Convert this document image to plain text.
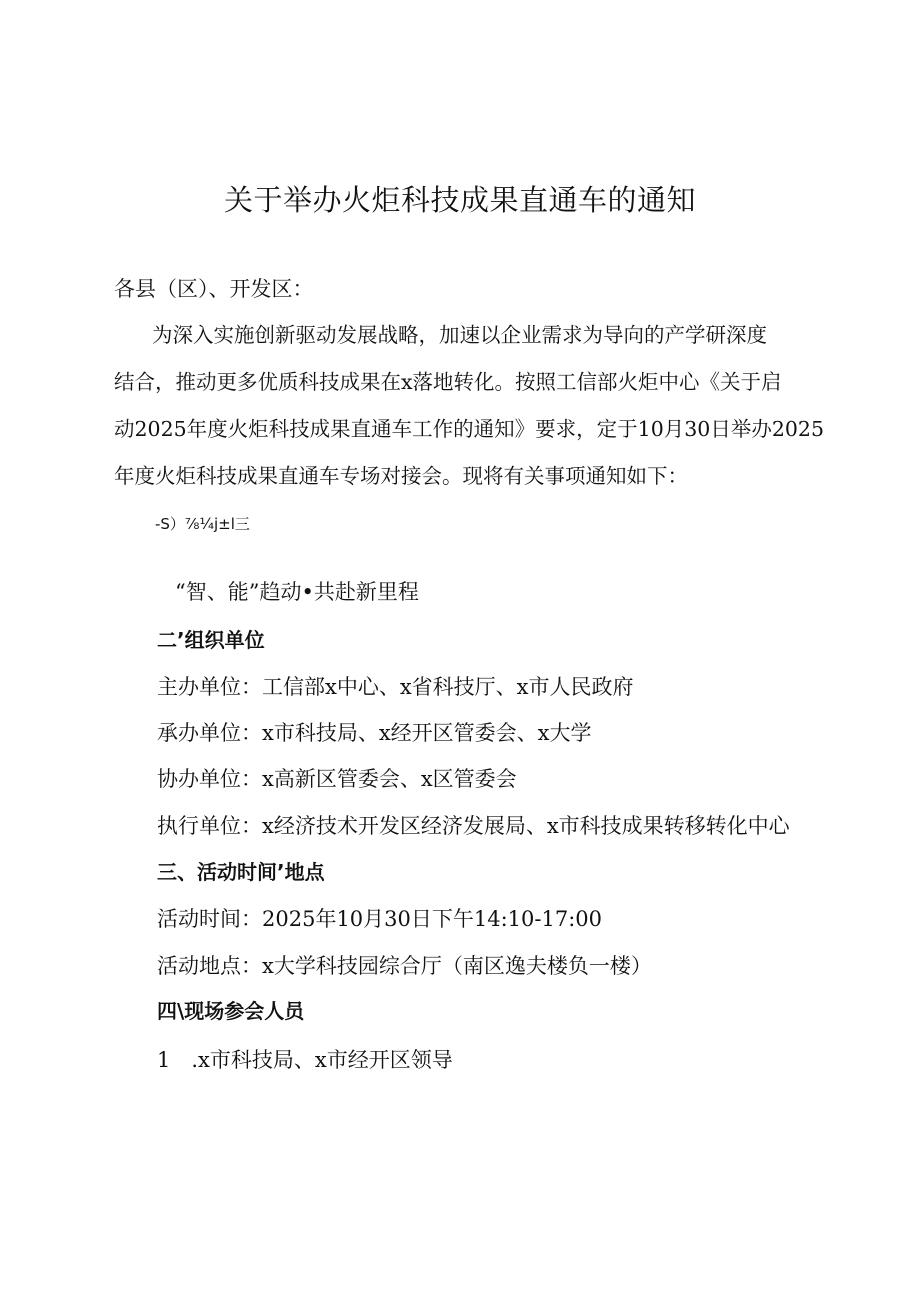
关于举办火炬科技成果直通车的通知
各县（区）、开发区：
为深入实施创新驱动发展战略，加速以企业需求为导向的产学研深度
结合，推动更多优质科技成果在x落地转化。按照工信部火炬中心《关于启
动2025年度火炬科技成果直通车工作的通知》要求，定于10月30日举办2025
年度火炬科技成果直通车专场对接会。现将有关事项通知如下：
-S）⅞¼j±l三
“智、能”趋动•共赴新里程
二’组织单位
主办单位：工信部x中心、x省科技厅、x市人民政府
承办单位：x市科技局、x经开区管委会、x大学
协办单位：x高新区管委会、x区管委会
执行单位：x经济技术开发区经济发展局、x市科技成果转移转化中心
三、活动时间’地点
活动时间：2025年10月30日下午14:10-17:00
活动地点：x大学科技园综合厅（南区逸夫楼负一楼）
四\现场参会人员
1　.x市科技局、x市经开区领导
